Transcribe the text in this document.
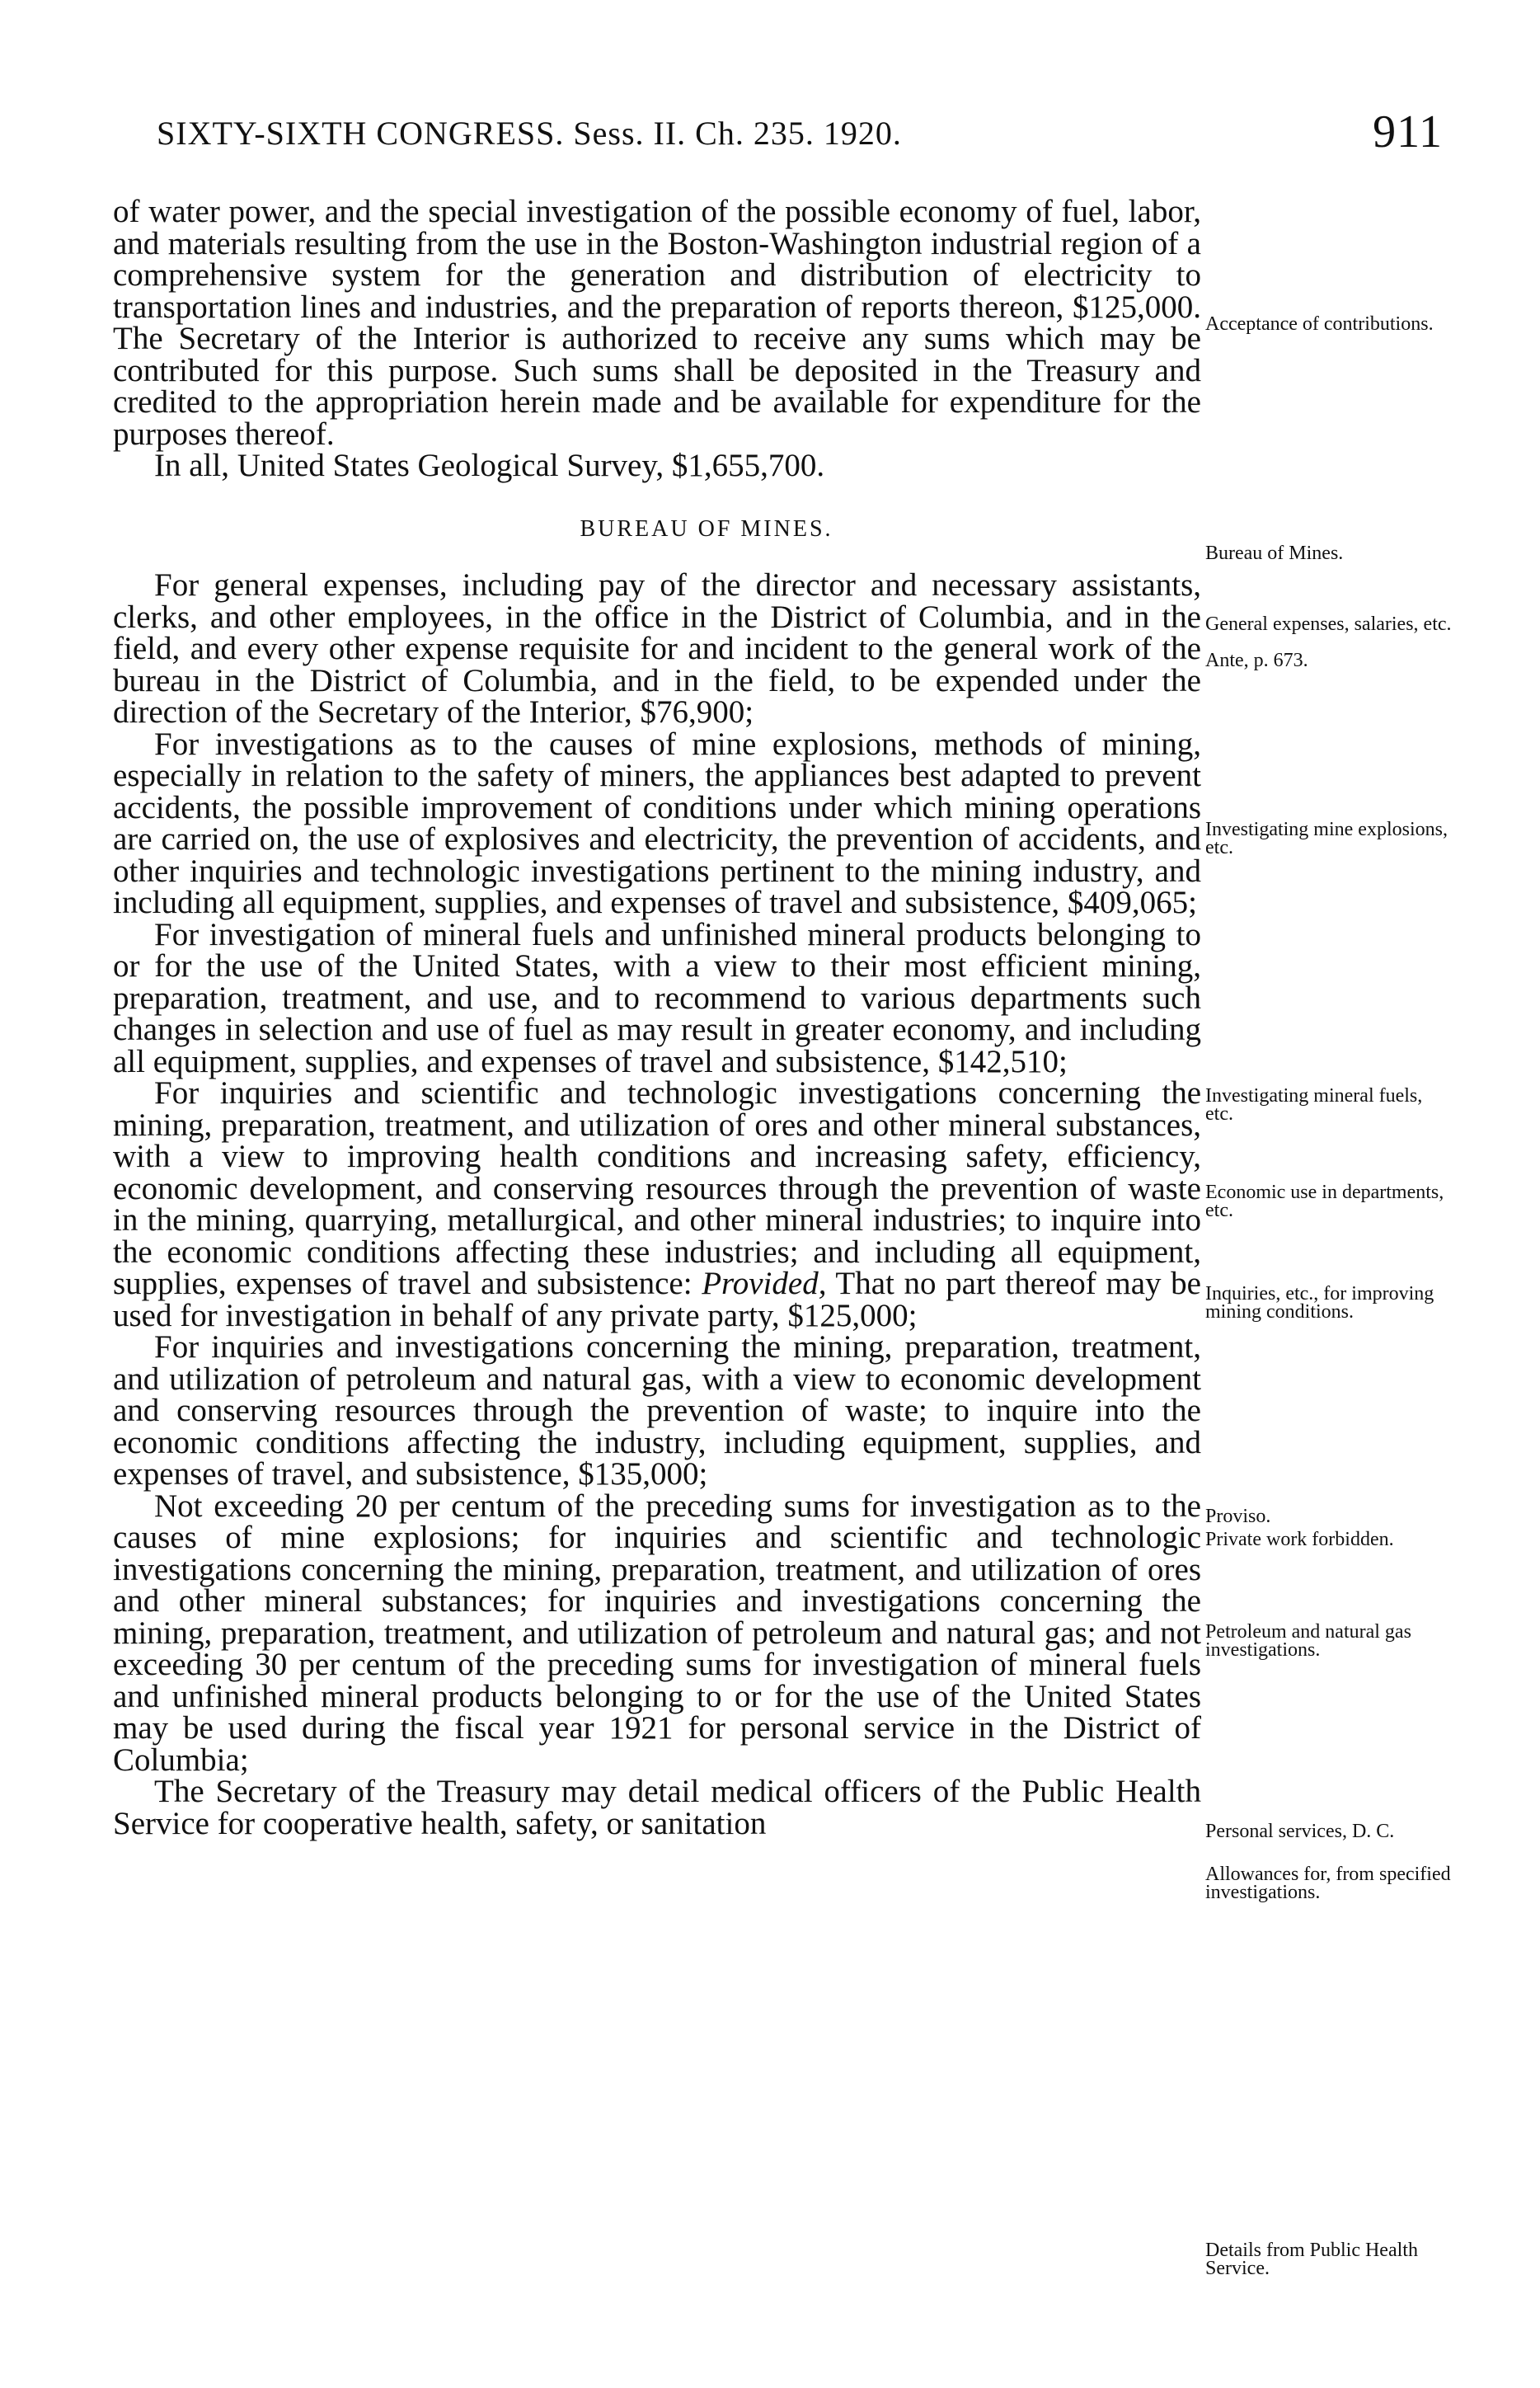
SIXTY-SIXTH CONGRESS. Sess. II. Ch. 235. 1920.	911

of water power, and the special investigation of the possible economy of fuel, labor, and materials resulting from the use in the Boston-Washington industrial region of a comprehensive system for the generation and distribution of electricity to transportation lines and industries, and the preparation of reports thereon, $125,000. The Secretary of the Interior is authorized to receive any sums which may be contributed for this purpose. Such sums shall be deposited in the Treasury and credited to the appropriation herein made and be available for expenditure for the purposes thereof.

In all, United States Geological Survey, $1,655,700.

BUREAU OF MINES.

For general expenses, including pay of the director and necessary assistants, clerks, and other employees, in the office in the District of Columbia, and in the field, and every other expense requisite for and incident to the general work of the bureau in the District of Columbia, and in the field, to be expended under the direction of the Secretary of the Interior, $76,900;

For investigations as to the causes of mine explosions, methods of mining, especially in relation to the safety of miners, the appliances best adapted to prevent accidents, the possible improvement of conditions under which mining operations are carried on, the use of explosives and electricity, the prevention of accidents, and other inquiries and technologic investigations pertinent to the mining industry, and including all equipment, supplies, and expenses of travel and subsistence, $409,065;

For investigation of mineral fuels and unfinished mineral products belonging to or for the use of the United States, with a view to their most efficient mining, preparation, treatment, and use, and to recommend to various departments such changes in selection and use of fuel as may result in greater economy, and including all equipment, supplies, and expenses of travel and subsistence, $142,510;

For inquiries and scientific and technologic investigations concerning the mining, preparation, treatment, and utilization of ores and other mineral substances, with a view to improving health conditions and increasing safety, efficiency, economic development, and conserving resources through the prevention of waste in the mining, quarrying, metallurgical, and other mineral industries; to inquire into the economic conditions affecting these industries; and including all equipment, supplies, expenses of travel and subsistence: Provided, That no part thereof may be used for investigation in behalf of any private party, $125,000;

For inquiries and investigations concerning the mining, preparation, treatment, and utilization of petroleum and natural gas, with a view to economic development and conserving resources through the prevention of waste; to inquire into the economic conditions affecting the industry, including equipment, supplies, and expenses of travel, and subsistence, $135,000;

Not exceeding 20 per centum of the preceding sums for investigation as to the causes of mine explosions; for inquiries and scientific and technologic investigations concerning the mining, preparation, treatment, and utilization of ores and other mineral substances; for inquiries and investigations concerning the mining, preparation, treatment, and utilization of petroleum and natural gas; and not exceeding 30 per centum of the preceding sums for investigation of mineral fuels and unfinished mineral products belonging to or for the use of the United States may be used during the fiscal year 1921 for personal service in the District of Columbia;

The Secretary of the Treasury may detail medical officers of the Public Health Service for cooperative health, safety, or sanitation

Acceptance of contributions.
Bureau of Mines.
General expenses, salaries, etc.
Ante, p. 673.
Investigating mine explosions, etc.
Investigating mineral fuels, etc.
Economic use in departments, etc.
Inquiries, etc., for improving mining conditions.
Proviso.
Private work forbidden.
Petroleum and natural gas investigations.
Personal services, D. C.
Allowances for, from specified investigations.
Details from Public Health Service.
